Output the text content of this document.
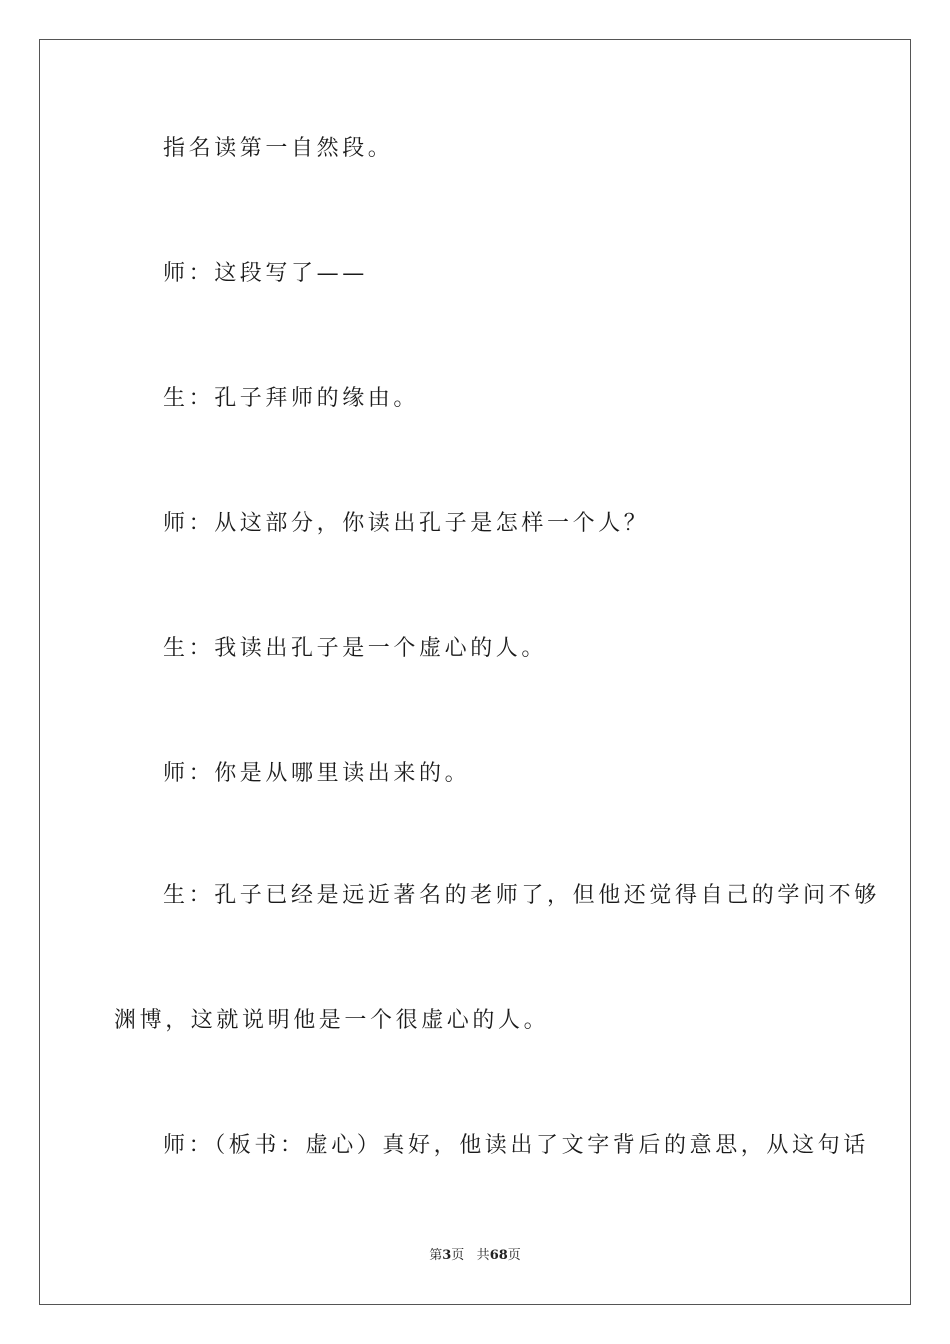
指名读第一自然段。
师：这段写了——
生：孔子拜师的缘由。
师：从这部分，你读出孔子是怎样一个人？
生：我读出孔子是一个虚心的人。
师：你是从哪里读出来的。
生：孔子已经是远近著名的老师了，但他还觉得自己的学问不够
渊博，这就说明他是一个很虚心的人。
师：（板书：虚心）真好，他读出了文字背后的意思，从这句话
第3页 共68页
